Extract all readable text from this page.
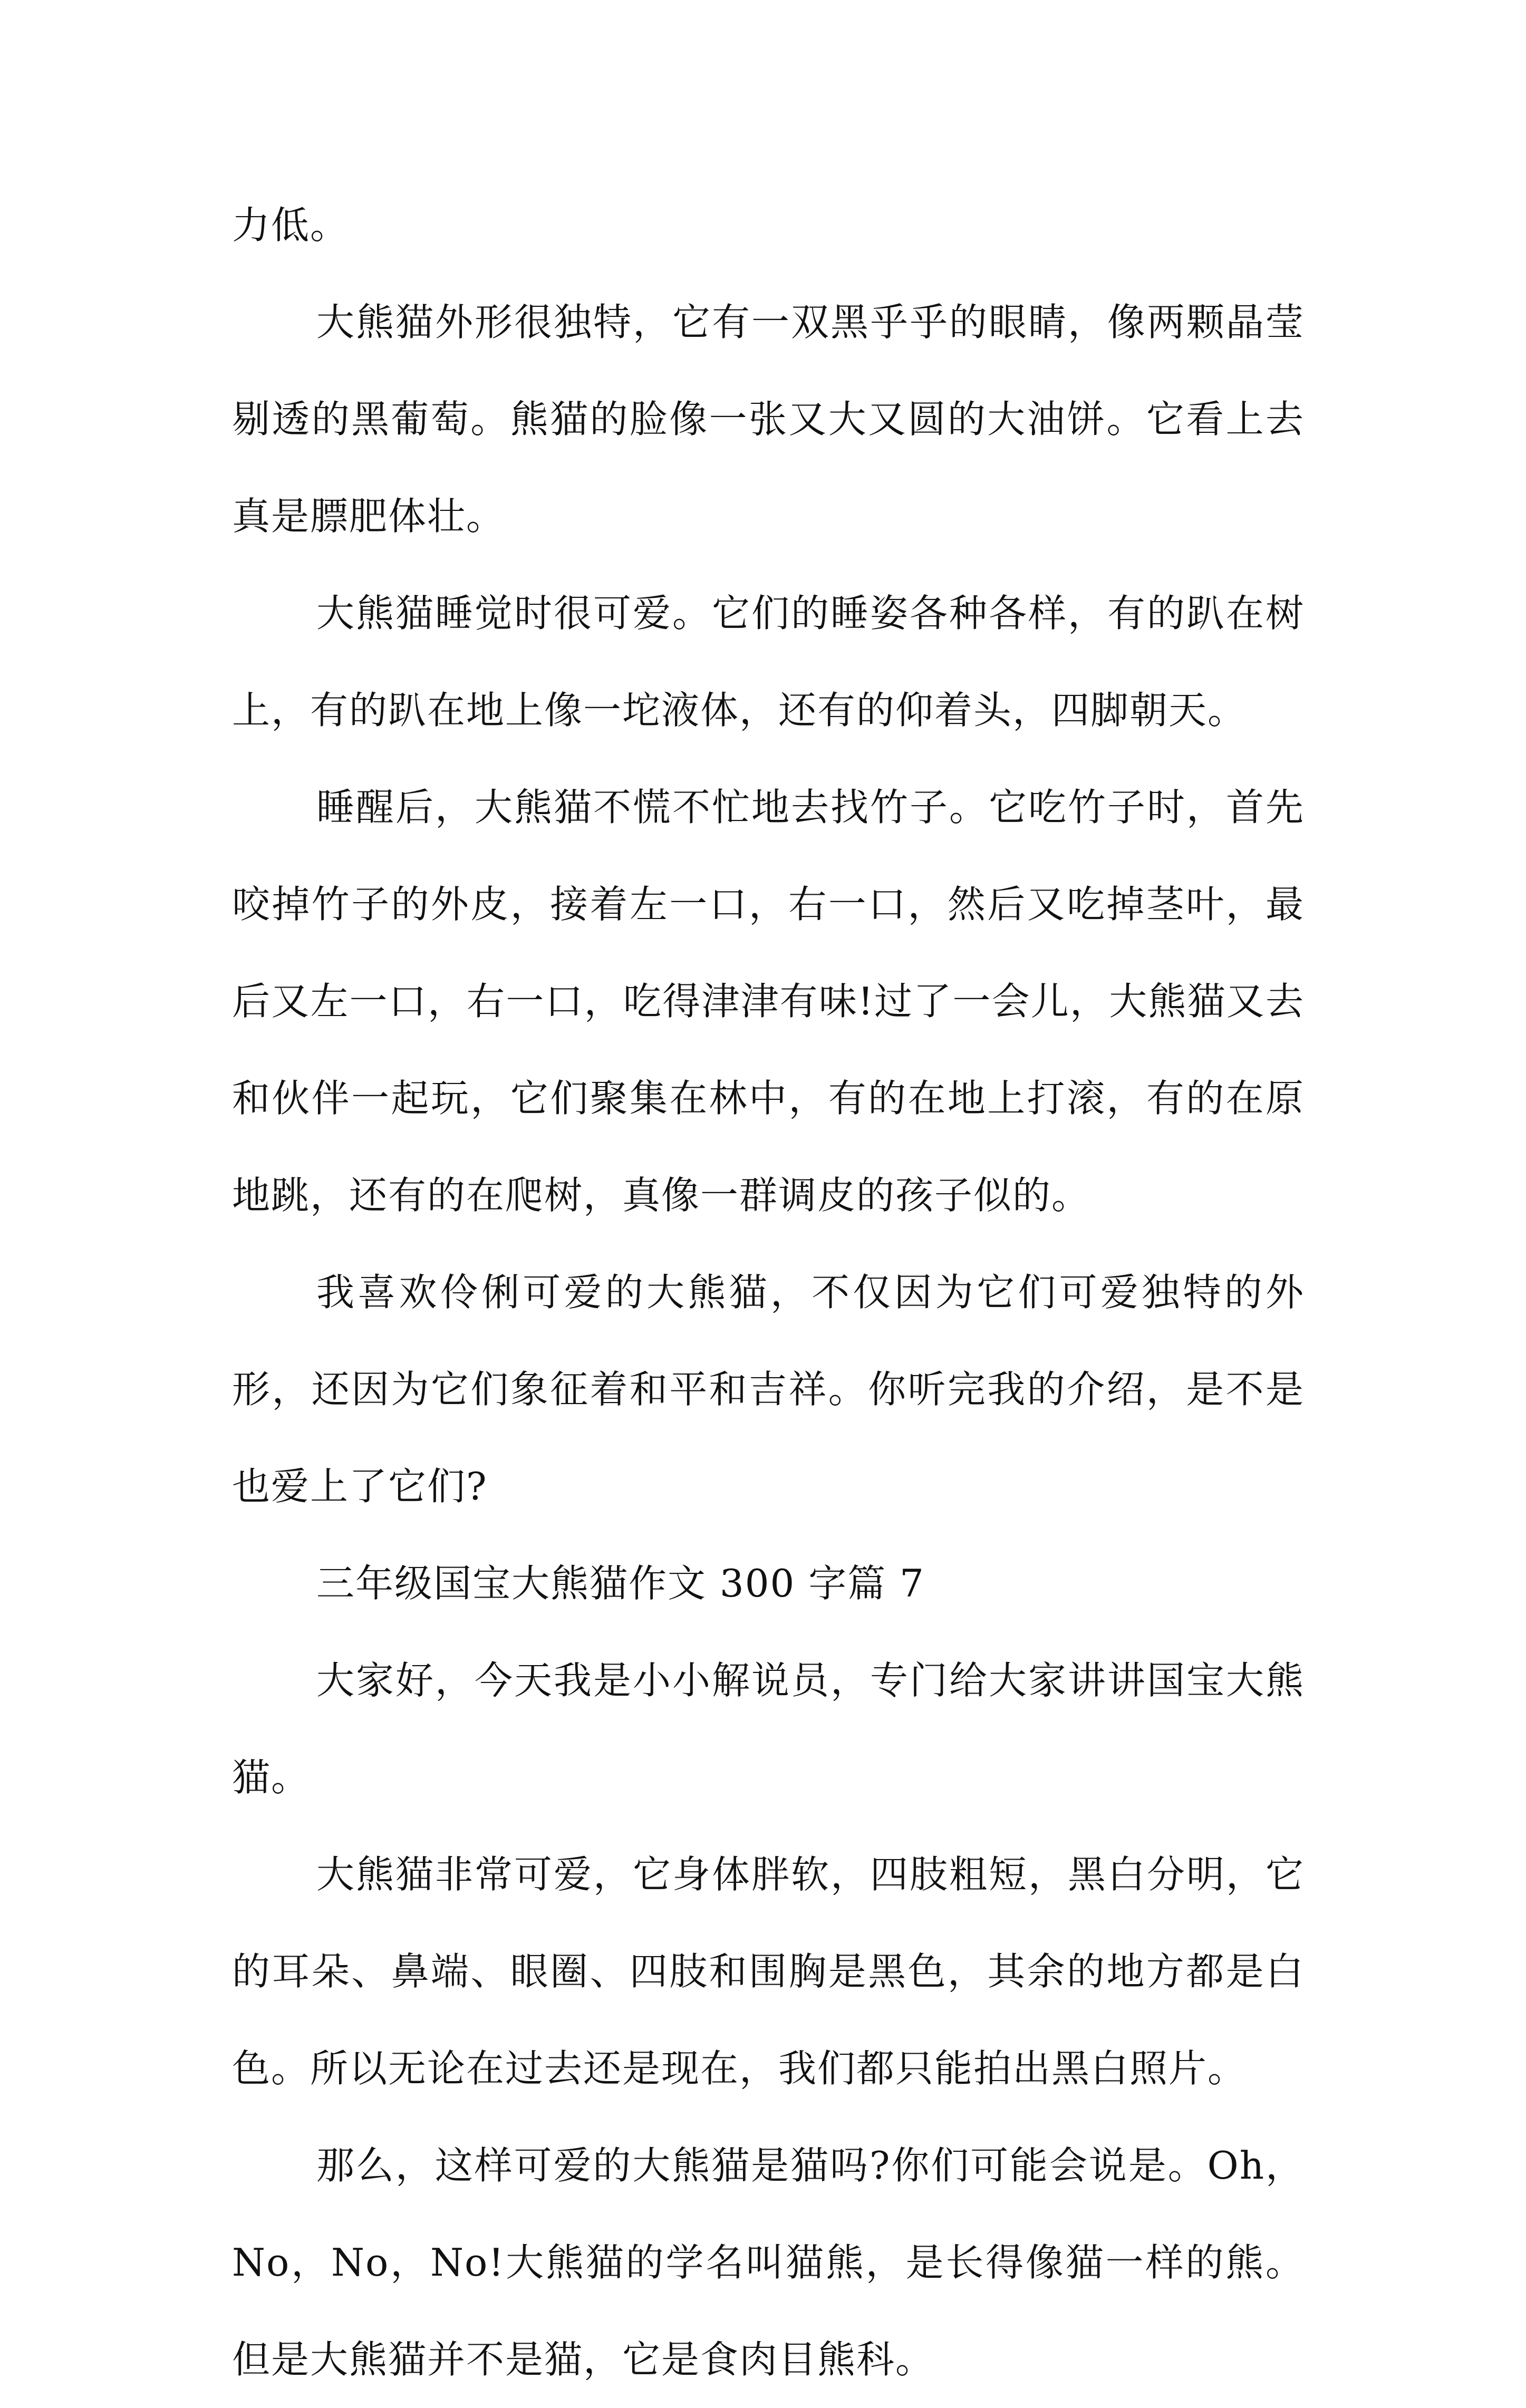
力低。

大熊猫外形很独特，它有一双黑乎乎的眼睛，像两颗晶莹剔透的黑葡萄。熊猫的脸像一张又大又圆的大油饼。它看上去真是膘肥体壮。

大熊猫睡觉时很可爱。它们的睡姿各种各样，有的趴在树上，有的趴在地上像一坨液体，还有的仰着头，四脚朝天。

睡醒后，大熊猫不慌不忙地去找竹子。它吃竹子时，首先咬掉竹子的外皮，接着左一口，右一口，然后又吃掉茎叶，最后又左一口，右一口，吃得津津有味!过了一会儿，大熊猫又去和伙伴一起玩，它们聚集在林中，有的在地上打滚，有的在原地跳，还有的在爬树，真像一群调皮的孩子似的。

我喜欢伶俐可爱的大熊猫，不仅因为它们可爱独特的外形，还因为它们象征着和平和吉祥。你听完我的介绍，是不是也爱上了它们?

三年级国宝大熊猫作文 300 字篇 7

大家好，今天我是小小解说员，专门给大家讲讲国宝大熊猫。

大熊猫非常可爱，它身体胖软，四肢粗短，黑白分明，它的耳朵、鼻端、眼圈、四肢和围胸是黑色，其余的地方都是白色。所以无论在过去还是现在，我们都只能拍出黑白照片。

那么，这样可爱的大熊猫是猫吗?你们可能会说是。Oh，No，No，No!大熊猫的学名叫猫熊，是长得像猫一样的熊。但是大熊猫并不是猫，它是食肉目熊科。
